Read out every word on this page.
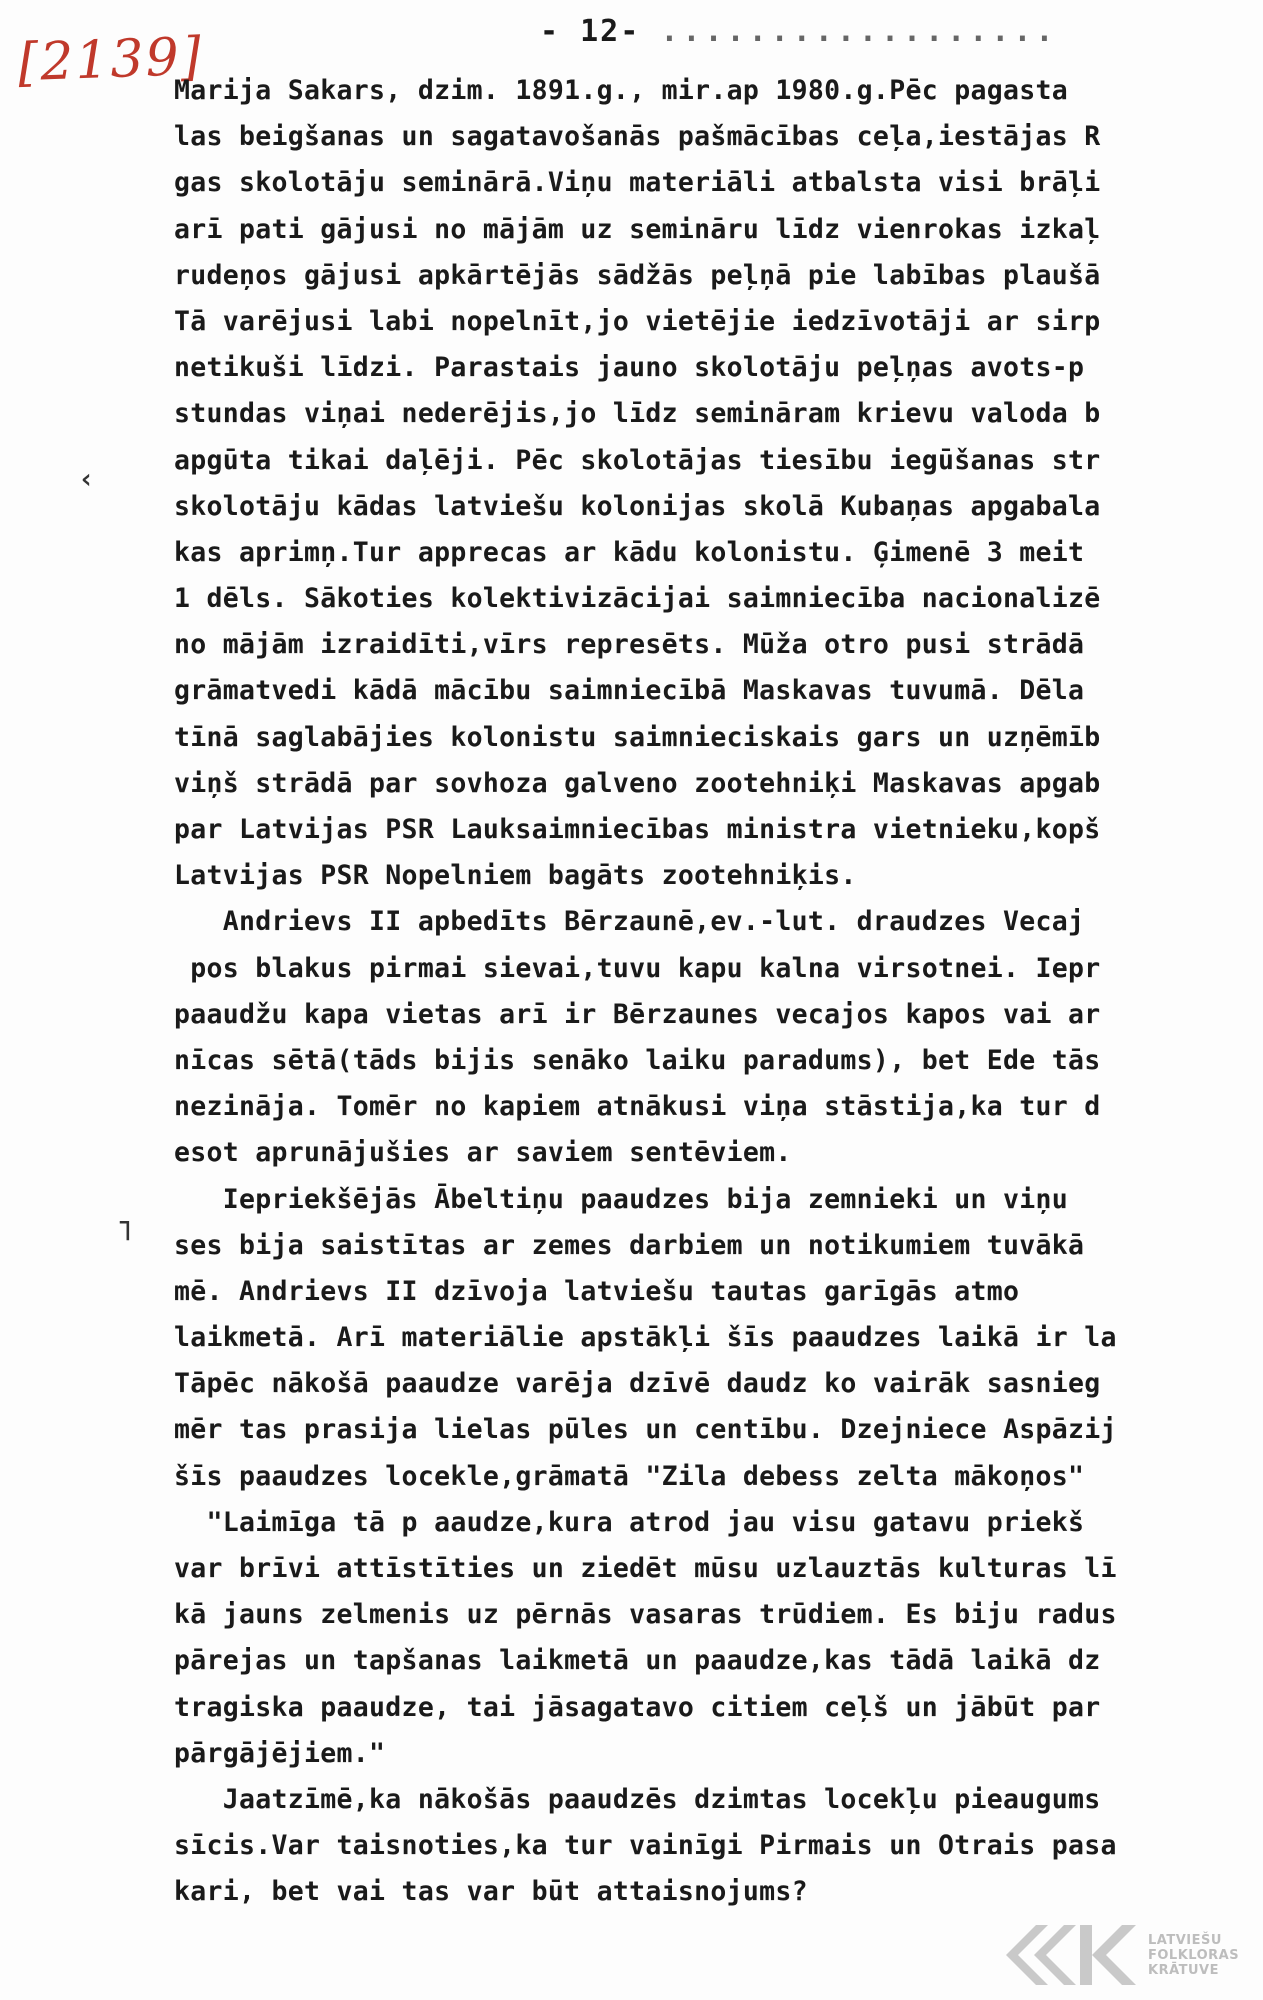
[2139]	- 12- ..................
‹
˥
Marija Sakars, dzim. 1891.g., mir.ap 1980.g.Pēc pagasta
las beigšanas un sagatavošanās pašmācības ceļa,iestājas R
gas skolotāju seminārā.Viņu materiāli atbalsta visi brāļi
arī pati gājusi no mājām uz semināru līdz vienrokas izkaļ
rudeņos gājusi apkārtējās sādžās peļņā pie labības plaušā
Tā varējusi labi nopelnīt,jo vietējie iedzīvotāji ar sirp
netikuši līdzi. Parastais jauno skolotāju peļņas avots-p
stundas viņai nederējis,jo līdz semināram krievu valoda b
apgūta tikai daļēji. Pēc skolotājas tiesību iegūšanas str
skolotāju kādas latviešu kolonijas skolā Kubaņas apgabala
kas aprimņ.Tur apprecas ar kādu kolonistu. Ģimenē 3 meit
1 dēls. Sākoties kolektivizācijai saimniecība nacionalizē
no mājām izraidīti,vīrs represēts. Mūža otro pusi strādā
grāmatvedi kādā mācību saimniecībā Maskavas tuvumā. Dēla
tīnā saglabājies kolonistu saimnieciskais gars un uzņēmīb
viņš strādā par sovhoza galveno zootehniķi Maskavas apgab
par Latvijas PSR Lauksaimniecības ministra vietnieku,kopš
Latvijas PSR Nopelniem bagāts zootehniķis.
Andrievs II apbedīts Bērzaunē,ev.-lut. draudzes Vecaj
pos blakus pirmai sievai,tuvu kapu kalna virsotnei. Iepr
paaudžu kapa vietas arī ir Bērzaunes vecajos kapos vai ar
nīcas sētā(tāds bijis senāko laiku paradums), bet Ede tās
nezināja. Tomēr no kapiem atnākusi viņa stāstija,ka tur d
esot aprunājušies ar saviem sentēviem.
Iepriekšējās Ābeltiņu paaudzes bija zemnieki un viņu
ses bija saistītas ar zemes darbiem un notikumiem tuvākā
mē. Andrievs II dzīvoja latviešu tautas garīgās atmo
laikmetā. Arī materiālie apstākļi šīs paaudzes laikā ir la
Tāpēc nākošā paaudze varēja dzīvē daudz ko vairāk sasnieg
mēr tas prasija lielas pūles un centību. Dzejniece Aspāzij
šīs paaudzes locekle,grāmatā "Zila debess zelta mākoņos"
"Laimīga tā p aaudze,kura atrod jau visu gatavu priekš
var brīvi attīstīties un ziedēt mūsu uzlauztās kulturas lī
kā jauns zelmenis uz pērnās vasaras trūdiem. Es biju radus
pārejas un tapšanas laikmetā un paaudze,kas tādā laikā dz
tragiska paaudze, tai jāsagatavo citiem ceļš un jābūt par
pārgājējiem."
Jaatzīmē,ka nākošās paaudzēs dzimtas locekļu pieaugums
sīcis.Var taisnoties,ka tur vainīgi Pirmais un Otrais pasa
kari, bet vai tas var būt attaisnojums?
LATVIEŠU
FOLKLORAS
KRĀTUVE
